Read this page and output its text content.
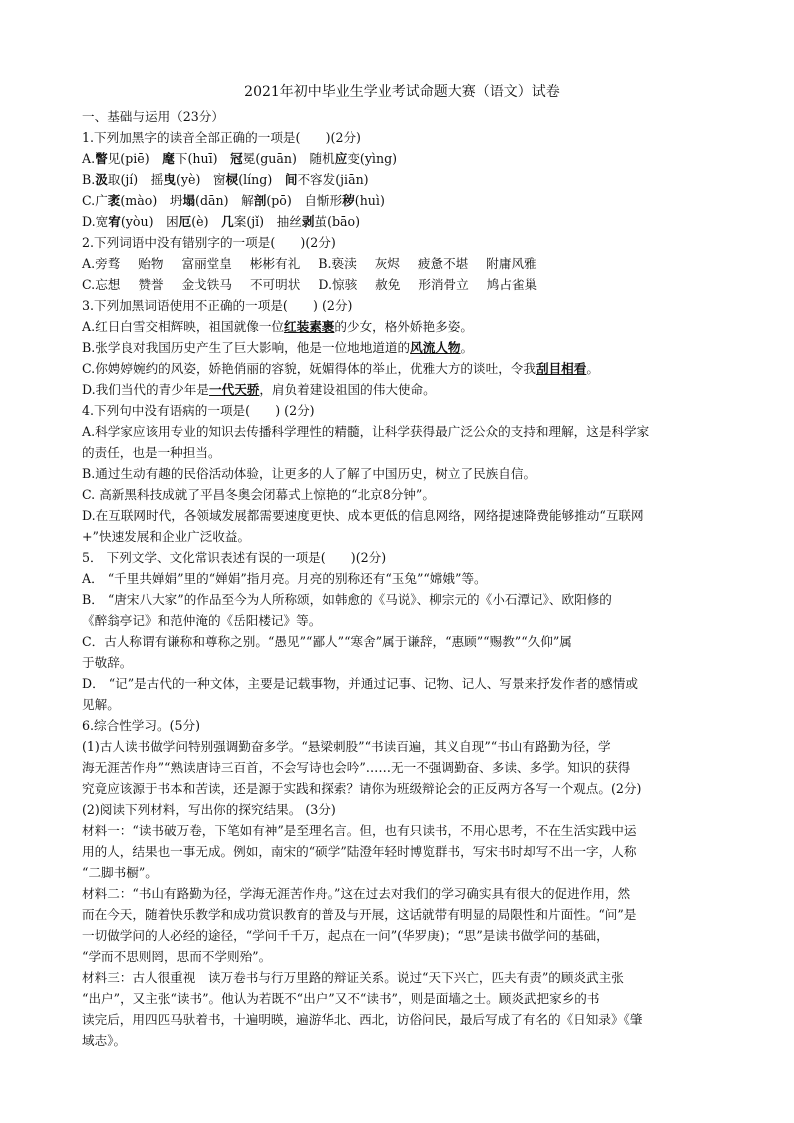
2021年初中毕业生学业考试命题大赛（语文）试卷
一、基础与运用（23分）
1.下列加黑字的读音全部正确的一项是(　　)(2分)
A.瞥见(piē)　麾下(huī)　冠冕(guān)　随机应变(yìng)
B.汲取(jí)　摇曳(yè)　窗棂(líng)　间不容发(jiān)
C.广袤(mào)　坍塌(dān)　解剖(pō)　自惭形秽(huì)
D.宽宥(yòu)　困厄(è)　几案(jǐ)　抽丝剥茧(bāo)
2.下列词语中没有错别字的一项是(　　)(2分)
A.旁骛 贻物 富丽堂皇 彬彬有礼 B.亵渎 灰烬 疲惫不堪 附庸风雅
C.忘想 赞誉 金戈铁马 不可明状 D.惊骇 赦免 形消骨立 鸠占雀巢
3.下列加黑词语使用不正确的一项是(　　) (2分)
A.红日白雪交相辉映，祖国就像一位红装素裹的少女，格外娇艳多姿。
B.张学良对我国历史产生了巨大影响，他是一位地地道道的风流人物。
C.你娉婷婉约的风姿，娇艳俏丽的容貌，妩媚得体的举止，优雅大方的谈吐，令我刮目相看。
D.我们当代的青少年是一代天骄，肩负着建设祖国的伟大使命。
4.下列句中没有语病的一项是(　　) (2分)
A.科学家应该用专业的知识去传播科学理性的精髓，让科学获得最广泛公众的支持和理解，这是科学家
的责任，也是一种担当。
B.通过生动有趣的民俗活动体验，让更多的人了解了中国历史，树立了民族自信。
C. 高新黑科技成就了平昌冬奥会闭幕式上惊艳的“北京8分钟”。
D.在互联网时代，各领域发展都需要速度更快、成本更低的信息网络，网络提速降费能够推动“互联网
+”快速发展和企业广泛收益。
5． 下列文学、文化常识表述有误的一项是(　　)(2分)
A． “千里共婵娟”里的“婵娟”指月亮。月亮的别称还有“玉兔”“嫦娥”等。
B． “唐宋八大家”的作品至今为人所称颂，如韩愈的《马说》、柳宗元的《小石潭记》、欧阳修的
《醉翁亭记》和范仲淹的《岳阳楼记》等。
C．古人称谓有谦称和尊称之别。“愚见”“鄙人”“寒舍”属于谦辞，“惠顾”“赐教”“久仰”属
于敬辞。
D． “记”是古代的一种文体，主要是记载事物，并通过记事、记物、记人、写景来抒发作者的感情或
见解。
6.综合性学习。(5分)
(1)古人读书做学问特别强调勤奋多学。“悬梁刺股”“书读百遍，其义自现”“书山有路勤为径，学
海无涯苦作舟”“熟读唐诗三百首，不会写诗也会吟”……无一不强调勤奋、多读、多学。知识的获得
究竟应该源于书本和苦读，还是源于实践和探索？请你为班级辩论会的正反两方各写一个观点。(2分)
(2)阅读下列材料，写出你的探究结果。 (3分)
材料一：“读书破万卷，下笔如有神”是至理名言。但，也有只读书，不用心思考，不在生活实践中运
用的人，结果也一事无成。例如，南宋的“硕学”陆澄年轻时博览群书，写宋书时却写不出一字，人称
“二脚书橱”。
材料二：“书山有路勤为径，学海无涯苦作舟。”这在过去对我们的学习确实具有很大的促进作用，然
而在今天，随着快乐教学和成功赏识教育的普及与开展，这话就带有明显的局限性和片面性。“问”是
一切做学问的人必经的途径，“学问千千万，起点在一问”(华罗庚)；“思”是读书做学问的基础，
“学而不思则罔，思而不学则殆”。
材料三：古人很重视　读万卷书与行万里路的辩证关系。说过“天下兴亡，匹夫有责”的顾炎武主张
“出户”，又主张“读书”。他认为若既不“出户”又不“读书”，则是面墙之士。顾炎武把家乡的书
读完后，用四匹马驮着书，十遍明暎，遍游华北、西北，访俗问民，最后写成了有名的《日知录》《肇
域志》。
